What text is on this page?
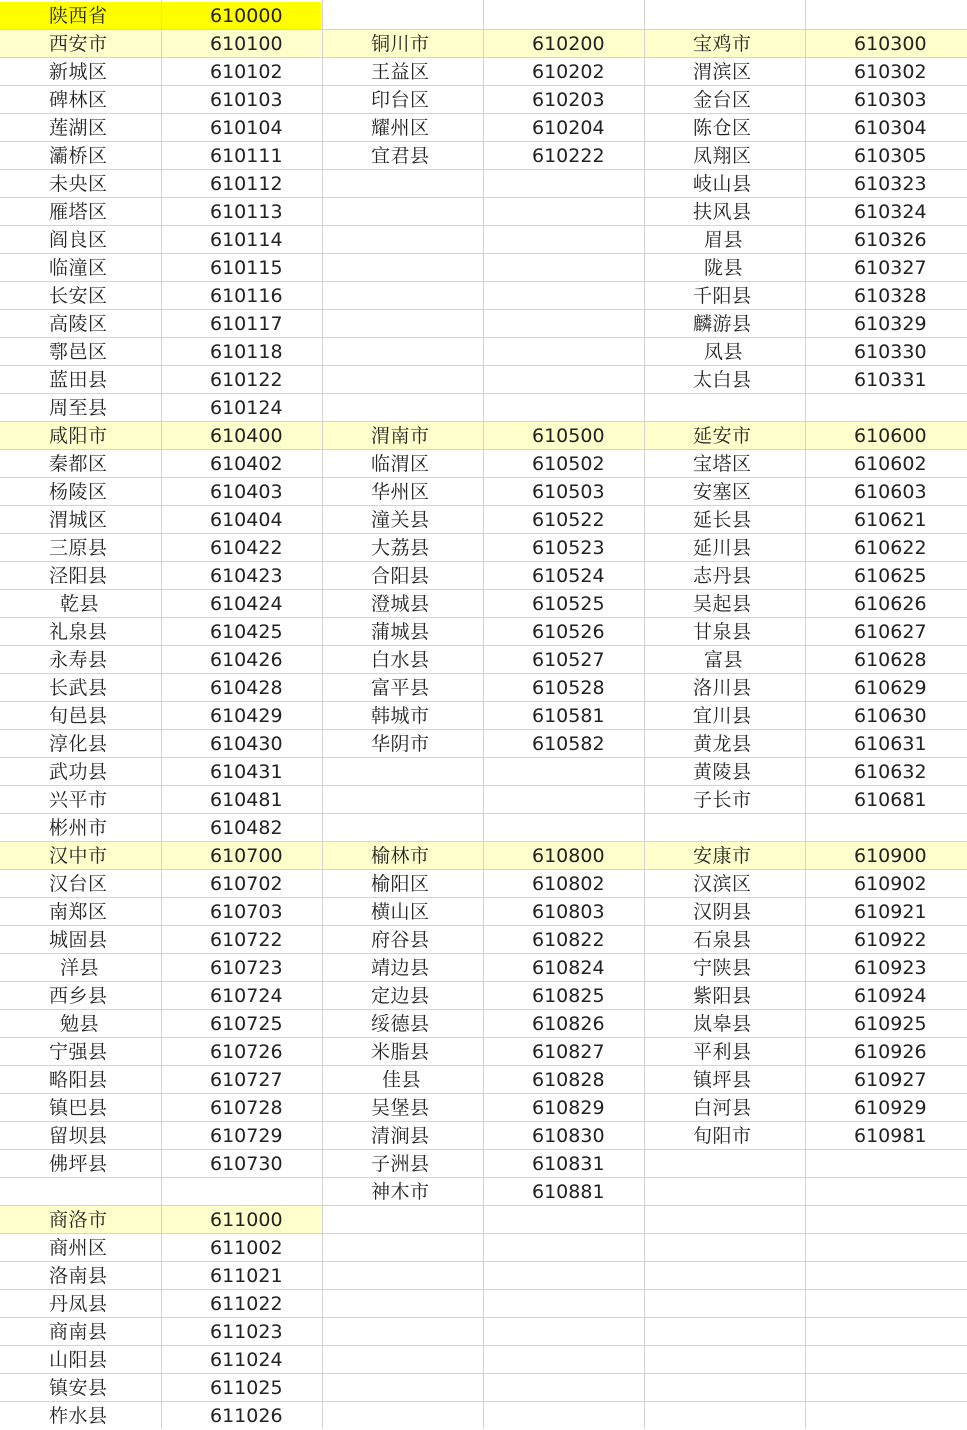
陕西省	610000
西安市	610100
新城区	610102
碑林区	610103
莲湖区	610104
灞桥区	610111
未央区	610112
雁塔区	610113
阎良区	610114
临潼区	610115
长安区	610116
高陵区	610117
鄠邑区	610118
蓝田县	610122
周至县	610124
铜川市	610200
王益区	610202
印台区	610203
耀州区	610204
宜君县	610222
宝鸡市	610300
渭滨区	610302
金台区	610303
陈仓区	610304
凤翔区	610305
岐山县	610323
扶风县	610324
眉县	610326
陇县	610327
千阳县	610328
麟游县	610329
凤县	610330
太白县	610331
咸阳市	610400
秦都区	610402
杨陵区	610403
渭城区	610404
三原县	610422
泾阳县	610423
乾县	610424
礼泉县	610425
永寿县	610426
长武县	610428
旬邑县	610429
淳化县	610430
武功县	610431
兴平市	610481
彬州市	610482
渭南市	610500
临渭区	610502
华州区	610503
潼关县	610522
大荔县	610523
合阳县	610524
澄城县	610525
蒲城县	610526
白水县	610527
富平县	610528
韩城市	610581
华阴市	610582
延安市	610600
宝塔区	610602
安塞区	610603
延长县	610621
延川县	610622
志丹县	610625
吴起县	610626
甘泉县	610627
富县	610628
洛川县	610629
宜川县	610630
黄龙县	610631
黄陵县	610632
子长市	610681
汉中市	610700
汉台区	610702
南郑区	610703
城固县	610722
洋县	610723
西乡县	610724
勉县	610725
宁强县	610726
略阳县	610727
镇巴县	610728
留坝县	610729
佛坪县	610730
榆林市	610800
榆阳区	610802
横山区	610803
府谷县	610822
靖边县	610824
定边县	610825
绥德县	610826
米脂县	610827
佳县	610828
吴堡县	610829
清涧县	610830
子洲县	610831
神木市	610881
安康市	610900
汉滨区	610902
汉阴县	610921
石泉县	610922
宁陕县	610923
紫阳县	610924
岚皋县	610925
平利县	610926
镇坪县	610927
白河县	610929
旬阳市	610981
商洛市	611000
商州区	611002
洛南县	611021
丹凤县	611022
商南县	611023
山阳县	611024
镇安县	611025
柞水县	611026
